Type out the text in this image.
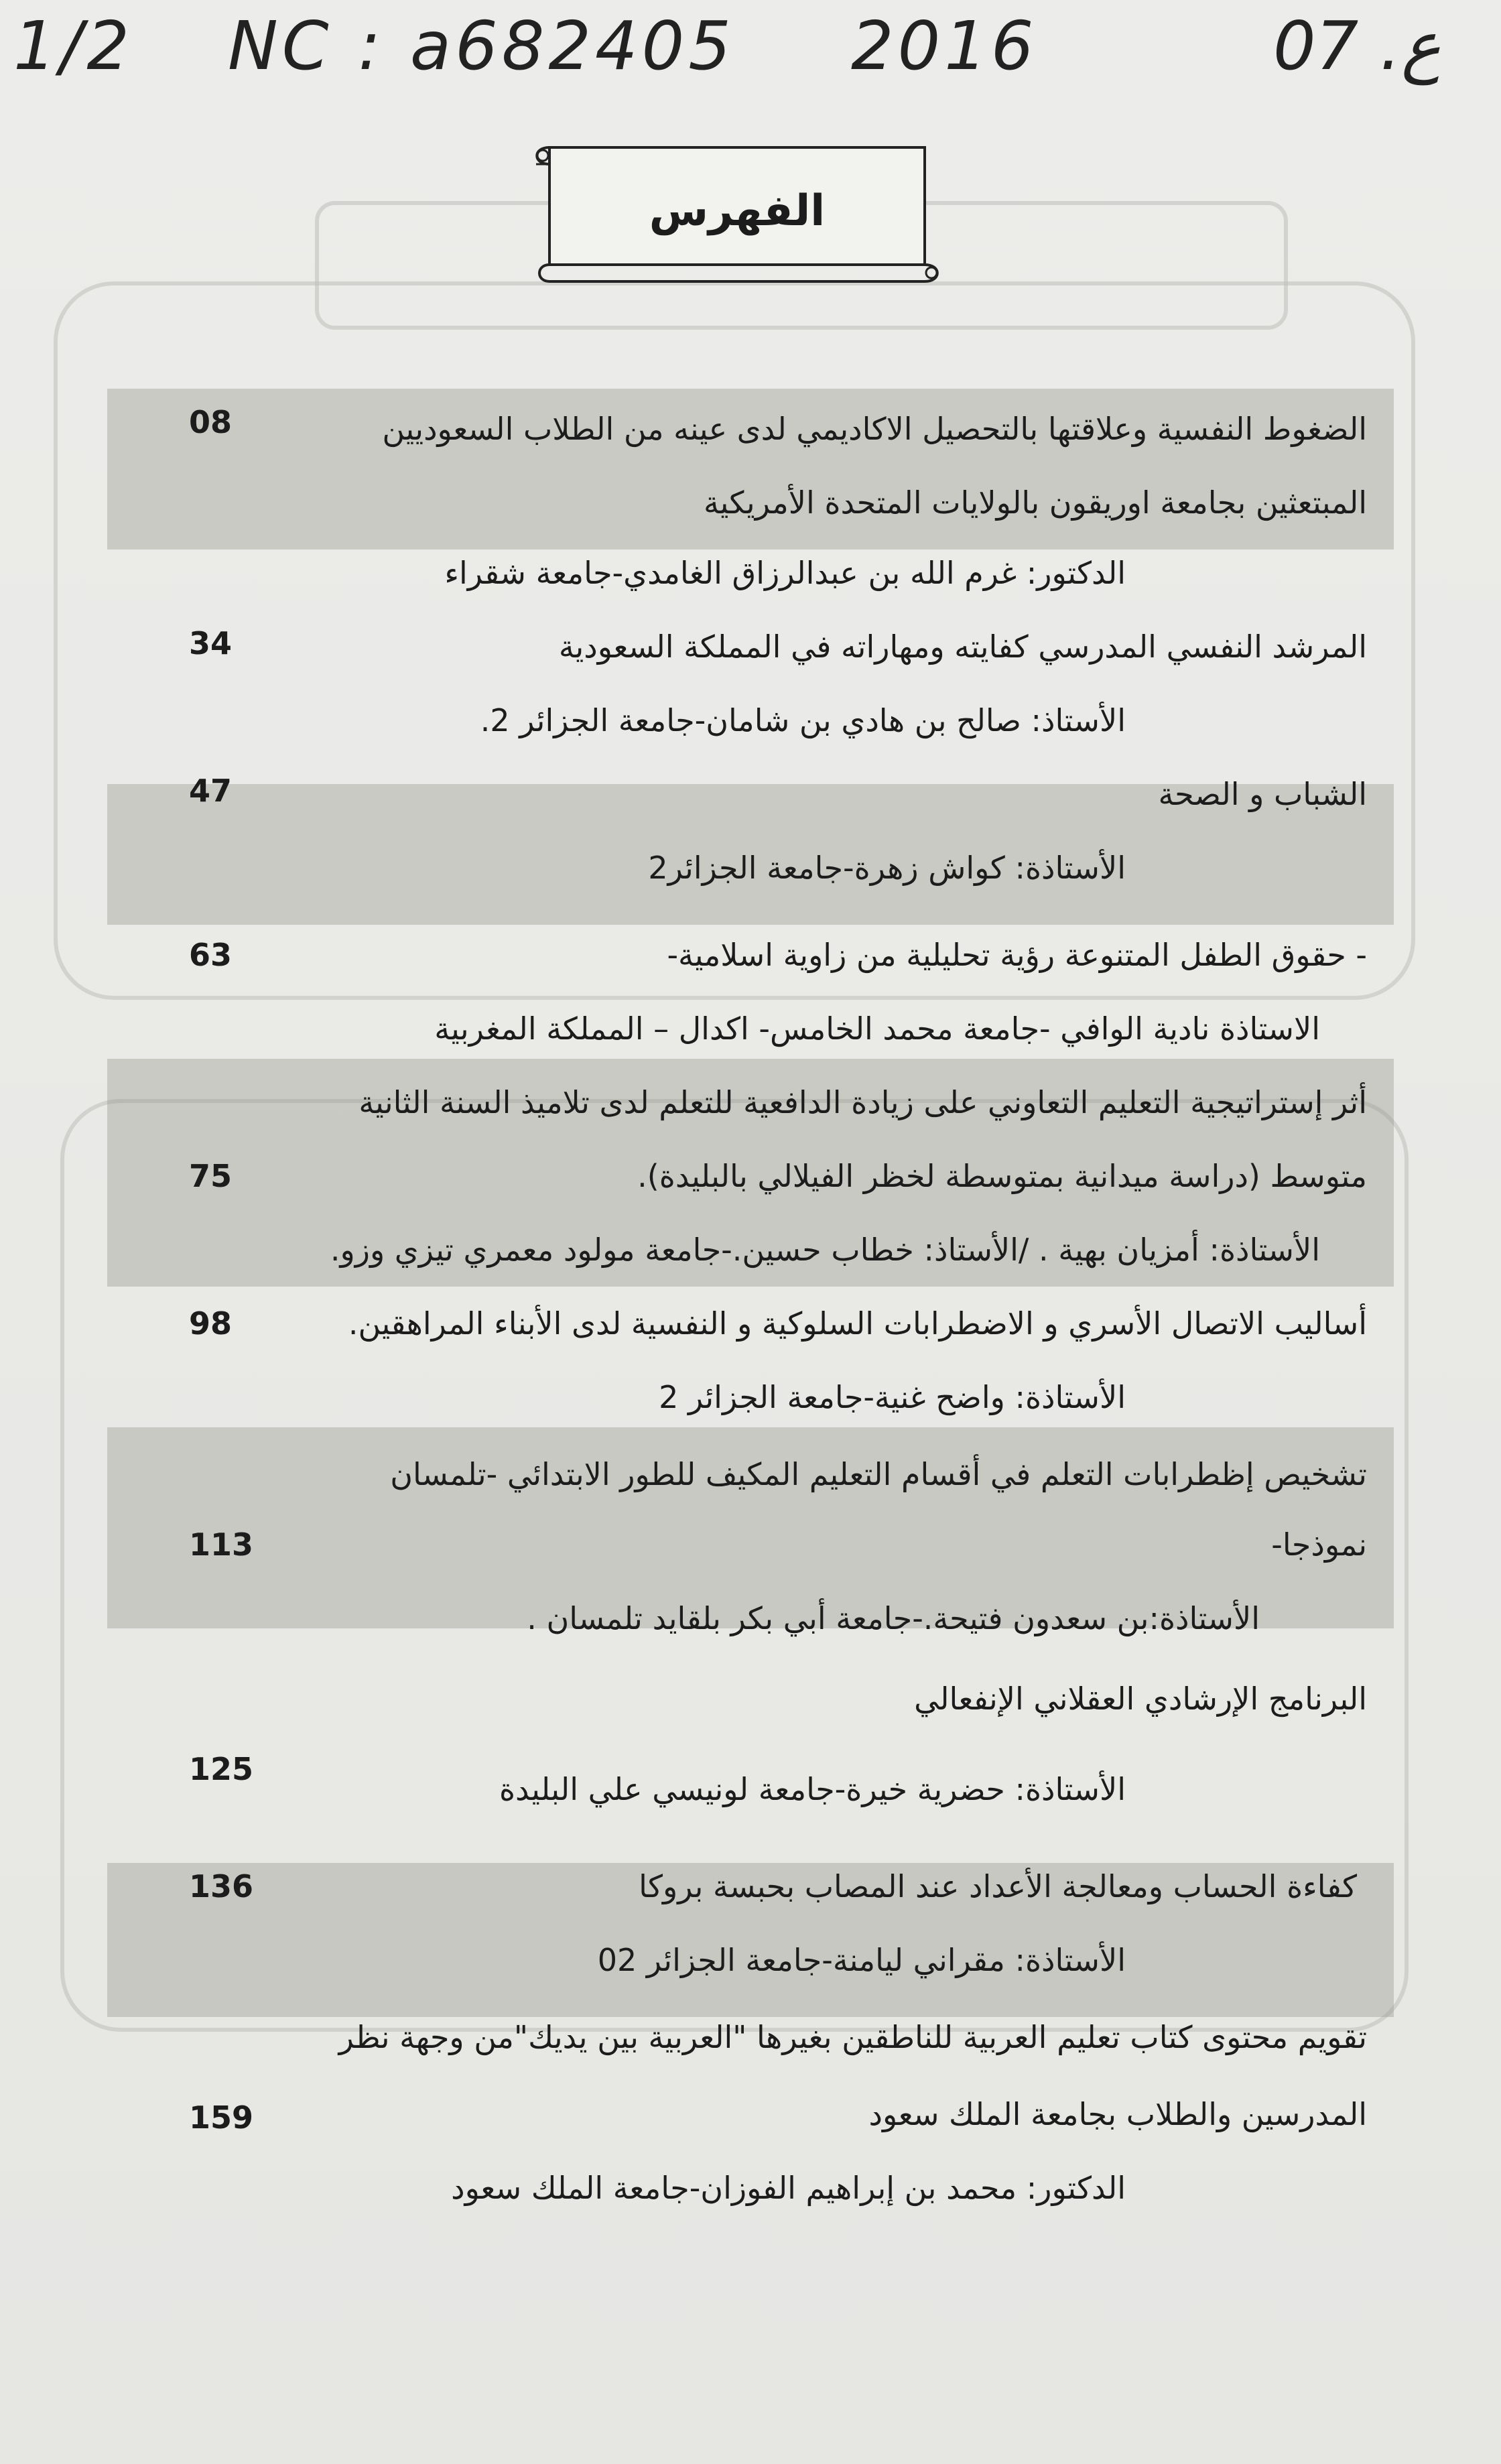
1/2 NC : a682405 2016	07 .ع
الفهرس
الضغوط النفسية وعلاقتها بالتحصيل الاكاديمي لدى عينه من الطلاب السعوديين
المبتعثين بجامعة اوريقون بالولايات المتحدة الأمريكية
الدكتور: غرم الله بن عبدالرزاق الغامدي-جامعة شقراء
08
المرشد النفسي المدرسي كفايته ومهاراته في المملكة السعودية
الأستاذ: صالح بن هادي بن شامان-جامعة الجزائر 2.
34
الشباب و الصحة
الأستاذة: كواش زهرة-جامعة الجزائر2
47
- حقوق الطفل المتنوعة رؤية تحليلية من زاوية اسلامية-
الاستاذة نادية الوافي -جامعة محمد الخامس- اكدال – المملكة المغربية
63
أثر إستراتيجية التعليم التعاوني على زيادة الدافعية للتعلم لدى تلاميذ السنة الثانية
متوسط (دراسة ميدانية بمتوسطة لخظر الفيلالي بالبليدة).
الأستاذة: أمزيان بهية . /الأستاذ: خطاب حسين.-جامعة مولود معمري تيزي وزو.
75
أساليب الاتصال الأسري و الاضطرابات السلوكية و النفسية لدى الأبناء المراهقين.
الأستاذة: واضح غنية-جامعة الجزائر 2
98
تشخيص إظطرابات التعلم في أقسام التعليم المكيف للطور الابتدائي -تلمسان
نموذجا-
الأستاذة:بن سعدون فتيحة.-جامعة أبي بكر بلقايد تلمسان .
113
البرنامج الإرشادي العقلاني الإنفعالي
الأستاذة: حضرية خيرة-جامعة لونيسي علي البليدة
125
كفاءة الحساب ومعالجة الأعداد عند المصاب بحبسة بروكا
الأستاذة: مقراني ليامنة-جامعة الجزائر 02
136
تقويم محتوى كتاب تعليم العربية للناطقين بغيرها "العربية بين يديك"من وجهة نظر
المدرسين والطلاب بجامعة الملك سعود
الدكتور: محمد بن إبراهيم الفوزان-جامعة الملك سعود
159
